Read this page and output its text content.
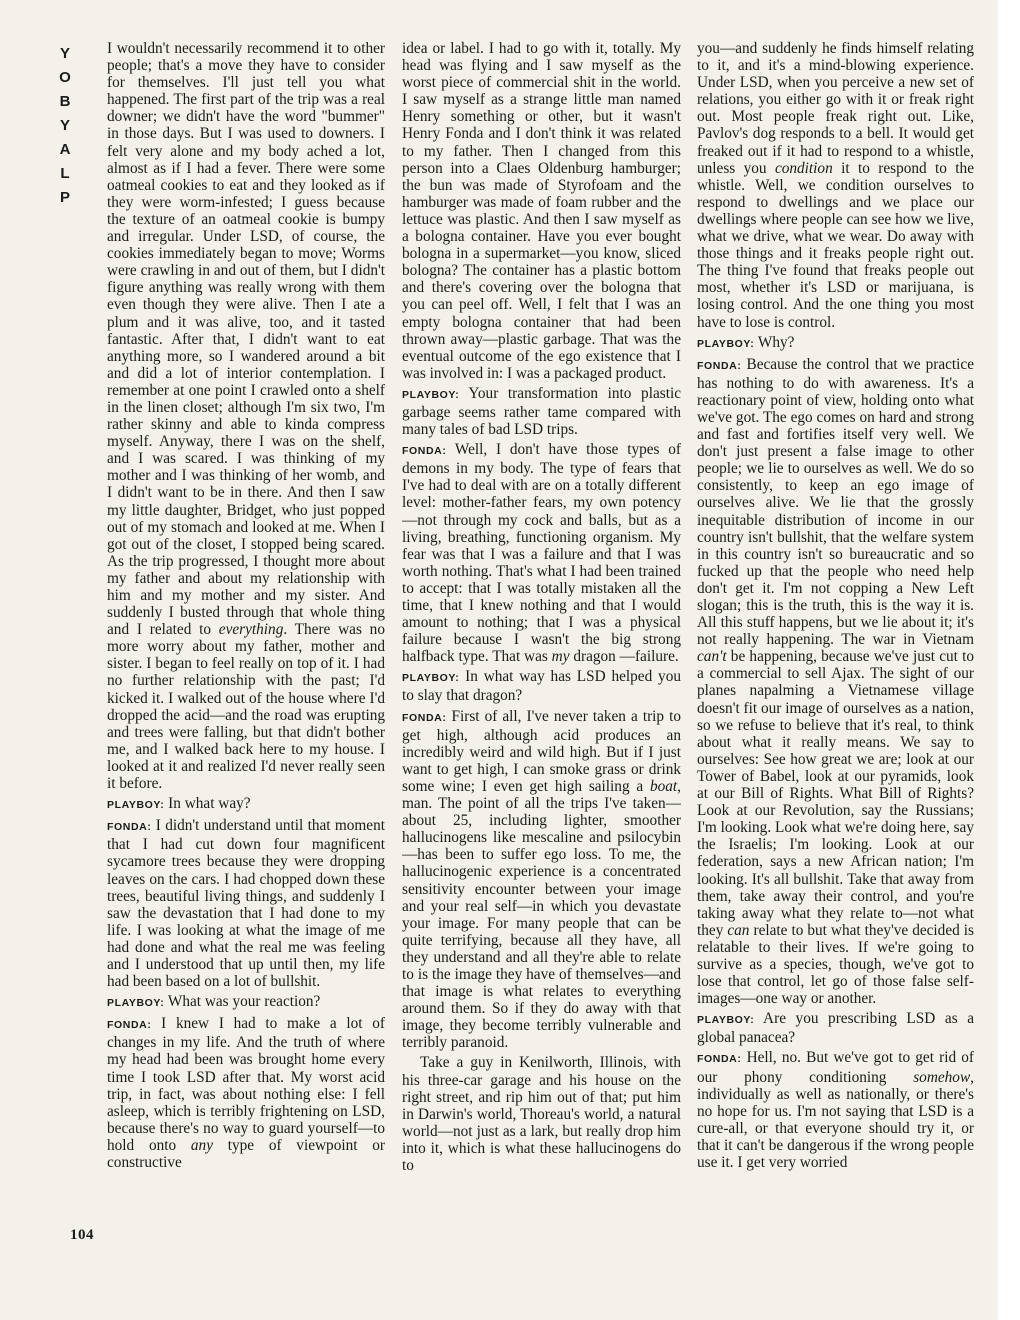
Y
O
B
Y
A
L
P
104

I wouldn't necessarily recommend it to other people; that's a move they have to consider for themselves. I'll just tell you what happened. The first part of the trip was a real downer; we didn't have the word "bummer" in those days. But I was used to downers. I felt very alone and my body ached a lot, almost as if I had a fever. There were some oatmeal cookies to eat and they looked as if they were worm-infested; I guess because the texture of an oatmeal cookie is bumpy and irregular. Under LSD, of course, the cookies immediately began to move; Worms were crawling in and out of them, but I didn't figure anything was really wrong with them even though they were alive. Then I ate a plum and it was alive, too, and it tasted fantastic. After that, I didn't want to eat anything more, so I wandered around a bit and did a lot of interior contemplation. I remember at one point I crawled onto a shelf in the linen closet; although I'm six two, I'm rather skinny and able to kinda compress myself. Anyway, there I was on the shelf, and I was scared. I was thinking of my mother and I was thinking of her womb, and I didn't want to be in there. And then I saw my little daughter, Bridget, who just popped out of my stomach and looked at me. When I got out of the closet, I stopped being scared. As the trip progressed, I thought more about my father and about my relationship with him and my mother and my sister. And suddenly I busted through that whole thing and I related to everything. There was no more worry about my father, mother and sister. I began to feel really on top of it. I had no further relationship with the past; I'd kicked it. I walked out of the house where I'd dropped the acid—and the road was erupting and trees were falling, but that didn't bother me, and I walked back here to my house. I looked at it and realized I'd never really seen it before.

PLAYBOY: In what way?

FONDA: I didn't understand until that moment that I had cut down four magnificent sycamore trees because they were dropping leaves on the cars. I had chopped down these trees, beautiful living things, and suddenly I saw the devastation that I had done to my life. I was looking at what the image of me had done and what the real me was feeling and I understood that up until then, my life had been based on a lot of bullshit.

PLAYBOY: What was your reaction?

FONDA: I knew I had to make a lot of changes in my life. And the truth of where my head had been was brought home every time I took LSD after that. My worst acid trip, in fact, was about nothing else: I fell asleep, which is terribly frightening on LSD, because there's no way to guard yourself—to hold onto any type of viewpoint or constructive

idea or label. I had to go with it, totally. My head was flying and I saw myself as the worst piece of commercial shit in the world. I saw myself as a strange little man named Henry something or other, but it wasn't Henry Fonda and I don't think it was related to my father. Then I changed from this person into a Claes Oldenburg hamburger; the bun was made of Styrofoam and the hamburger was made of foam rubber and the lettuce was plastic. And then I saw myself as a bologna container. Have you ever bought bologna in a supermarket—you know, sliced bologna? The container has a plastic bottom and there's covering over the bologna that you can peel off. Well, I felt that I was an empty bologna container that had been thrown away—plastic garbage. That was the eventual outcome of the ego existence that I was involved in: I was a packaged product.

PLAYBOY: Your transformation into plastic garbage seems rather tame compared with many tales of bad LSD trips.

FONDA: Well, I don't have those types of demons in my body. The type of fears that I've had to deal with are on a totally different level: mother-father fears, my own potency—not through my cock and balls, but as a living, breathing, functioning organism. My fear was that I was a failure and that I was worth nothing. That's what I had been trained to accept: that I was totally mistaken all the time, that I knew nothing and that I would amount to nothing; that I was a physical failure because I wasn't the big strong halfback type. That was my dragon —failure.

PLAYBOY: In what way has LSD helped you to slay that dragon?

FONDA: First of all, I've never taken a trip to get high, although acid produces an incredibly weird and wild high. But if I just want to get high, I can smoke grass or drink some wine; I even get high sailing a boat, man. The point of all the trips I've taken—about 25, including lighter, smoother hallucinogens like mescaline and psilocybin—has been to suffer ego loss. To me, the hallucinogenic experience is a concentrated sensitivity encounter between your image and your real self—in which you devastate your image. For many people that can be quite terrifying, because all they have, all they understand and all they're able to relate to is the image they have of themselves—and that image is what relates to everything around them. So if they do away with that image, they become terribly vulnerable and terribly paranoid.

Take a guy in Kenilworth, Illinois, with his three-car garage and his house on the right street, and rip him out of that; put him in Darwin's world, Thoreau's world, a natural world—not just as a lark, but really drop him into it, which is what these hallucinogens do to

you—and suddenly he finds himself relating to it, and it's a mind-blowing experience. Under LSD, when you perceive a new set of relations, you either go with it or freak right out. Most people freak right out. Like, Pavlov's dog responds to a bell. It would get freaked out if it had to respond to a whistle, unless you condition it to respond to the whistle. Well, we condition ourselves to respond to dwellings and we place our dwellings where people can see how we live, what we drive, what we wear. Do away with those things and it freaks people right out. The thing I've found that freaks people out most, whether it's LSD or marijuana, is losing control. And the one thing you most have to lose is control.

PLAYBOY: Why?

FONDA: Because the control that we practice has nothing to do with awareness. It's a reactionary point of view, holding onto what we've got. The ego comes on hard and strong and fast and fortifies itself very well. We don't just present a false image to other people; we lie to ourselves as well. We do so consistently, to keep an ego image of ourselves alive. We lie that the grossly inequitable distribution of income in our country isn't bullshit, that the welfare system in this country isn't so bureaucratic and so fucked up that the people who need help don't get it. I'm not copping a New Left slogan; this is the truth, this is the way it is. All this stuff happens, but we lie about it; it's not really happening. The war in Vietnam can't be happening, because we've just cut to a commercial to sell Ajax. The sight of our planes napalming a Vietnamese village doesn't fit our image of ourselves as a nation, so we refuse to believe that it's real, to think about what it really means. We say to ourselves: See how great we are; look at our Tower of Babel, look at our pyramids, look at our Bill of Rights. What Bill of Rights? Look at our Revolution, say the Russians; I'm looking. Look what we're doing here, say the Israelis; I'm looking. Look at our federation, says a new African nation; I'm looking. It's all bullshit. Take that away from them, take away their control, and you're taking away what they relate to—not what they can relate to but what they've decided is relatable to their lives. If we're going to survive as a species, though, we've got to lose that control, let go of those false self-images—one way or another.

PLAYBOY: Are you prescribing LSD as a global panacea?

FONDA: Hell, no. But we've got to get rid of our phony conditioning somehow, individually as well as nationally, or there's no hope for us. I'm not saying that LSD is a cure-all, or that everyone should try it, or that it can't be dangerous if the wrong people use it. I get very worried
